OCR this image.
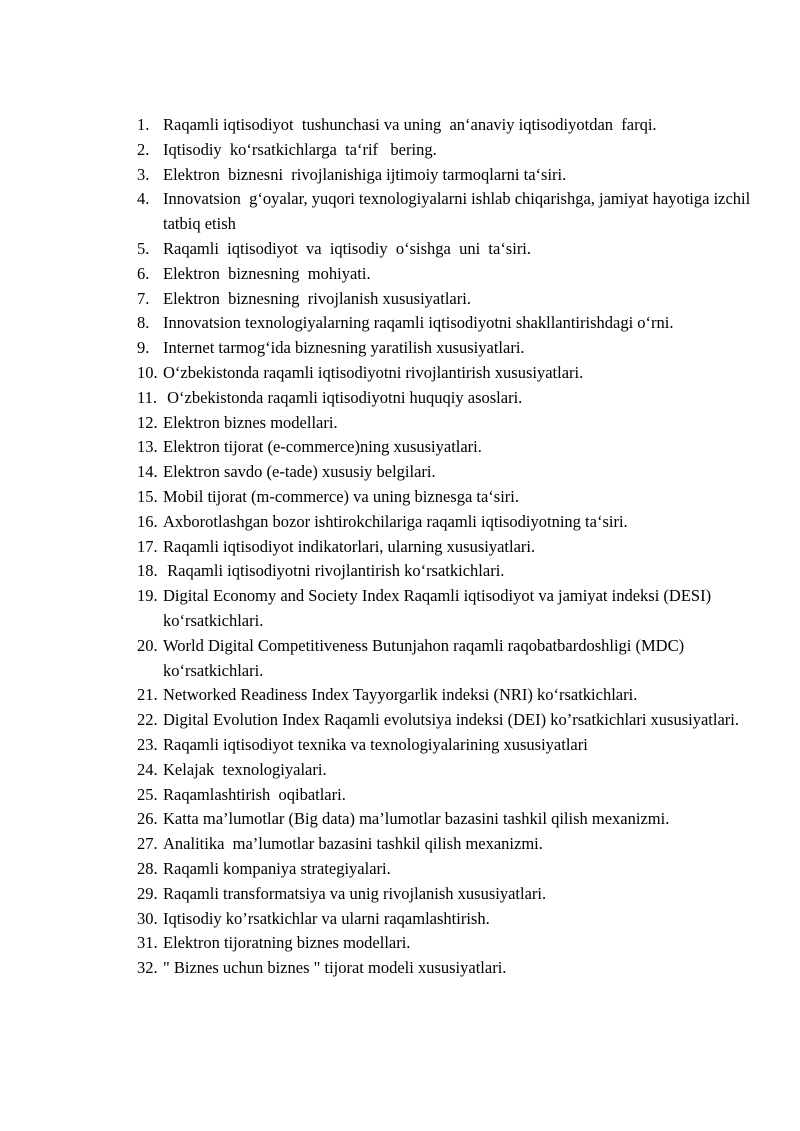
1. Raqamli iqtisodiyot  tushunchasi va uning  an‘anaviy iqtisodiyotdan  farqi.
2. Iqtisodiy  ko‘rsatkichlarga  ta‘rif   bering.
3. Elektron  biznesni  rivojlanishiga ijtimoiy tarmoqlarni ta‘siri.
4. Innovatsion  g‘oyalar, yuqori texnologiyalarni ishlab chiqarishga, jamiyat hayotiga izchil tatbiq etish
5. Raqamli  iqtisodiyot  va  iqtisodiy  o‘sishga  uni  ta‘siri.
6. Elektron  biznesning  mohiyati.
7. Elektron  biznesning  rivojlanish xususiyatlari.
8. Innovatsion texnologiyalarning raqamli iqtisodiyotni shakllantirishdagi o‘rni.
9. Internet tarmog‘ida biznesning yaratilish xususiyatlari.
10. O‘zbekistonda raqamli iqtisodiyotni rivojlantirish xususiyatlari.
11. O‘zbekistonda raqamli iqtisodiyotni huquqiy asoslari.
12. Elektron biznes modellari.
13. Elektron tijorat (e-commerce)ning xususiyatlari.
14. Elektron savdo (e-tade) xususiy belgilari.
15. Mobil tijorat (m-commerce) va uning biznesga ta‘siri.
16. Axborotlashgan bozor ishtirokchilariga raqamli iqtisodiyotning ta‘siri.
17. Raqamli iqtisodiyot indikatorlari, ularning xususiyatlari.
18. Raqamli iqtisodiyotni rivojlantirish ko‘rsatkichlari.
19. Digital Economy and Society Index Raqamli iqtisodiyot va jamiyat indeksi (DESI) ko‘rsatkichlari.
20. World Digital Competitiveness Butunjahon raqamli raqobatbardoshligi (MDC) ko‘rsatkichlari.
21. Networked Readiness Index Tayyorgarlik indeksi (NRI) ko‘rsatkichlari.
22. Digital Evolution Index Raqamli evolutsiya indeksi (DEI) ko’rsatkichlari xususiyatlari.
23. Raqamli iqtisodiyot texnika va texnologiyalarining xususiyatlari
24. Kelajak  texnologiyalari.
25. Raqamlashtirish  oqibatlari.
26. Katta ma’lumotlar (Big data) ma’lumotlar bazasini tashkil qilish mexanizmi.
27. Analitika  ma’lumotlar bazasini tashkil qilish mexanizmi.
28. Raqamli kompaniya strategiyalari.
29. Raqamli transformatsiya va unig rivojlanish xususiyatlari.
30. Iqtisodiy ko’rsatkichlar va ularni raqamlashtirish.
31. Elektron tijoratning biznes modellari.
32. " Biznes uchun biznes " tijorat modeli xususiyatlari.
